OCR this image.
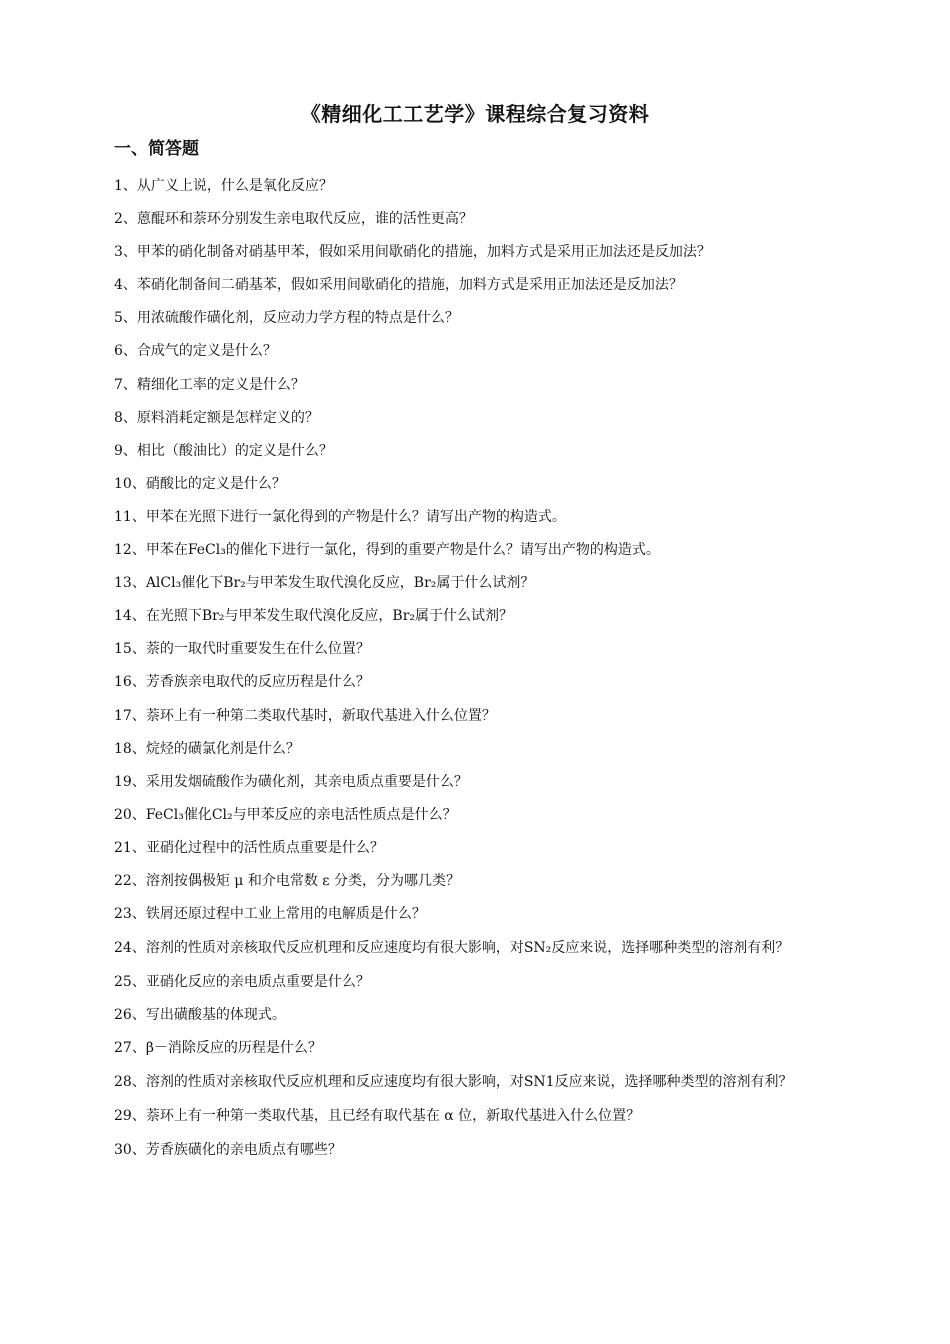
《精细化工工艺学》课程综合复习资料
一、简答题
1、从广义上说，什么是氧化反应？
2、蒽醌环和萘环分别发生亲电取代反应，谁的活性更高？
3、甲苯的硝化制备对硝基甲苯，假如采用间歇硝化的措施，加料方式是采用正加法还是反加法？
4、苯硝化制备间二硝基苯，假如采用间歇硝化的措施，加料方式是采用正加法还是反加法？
5、用浓硫酸作磺化剂，反应动力学方程的特点是什么？
6、合成气的定义是什么？
7、精细化工率的定义是什么？
8、原料消耗定额是怎样定义的？
9、相比（酸油比）的定义是什么？
10、硝酸比的定义是什么？
11、甲苯在光照下进行一氯化得到的产物是什么？请写出产物的构造式。
12、甲苯在FeCl₃的催化下进行一氯化，得到的重要产物是什么？请写出产物的构造式。
13、AlCl₃催化下Br₂与甲苯发生取代溴化反应，Br₂属于什么试剂？
14、在光照下Br₂与甲苯发生取代溴化反应，Br₂属于什么试剂？
15、萘的一取代时重要发生在什么位置？
16、芳香族亲电取代的反应历程是什么？
17、萘环上有一种第二类取代基时，新取代基进入什么位置？
18、烷烃的磺氯化剂是什么？
19、采用发烟硫酸作为磺化剂，其亲电质点重要是什么？
20、FeCl₃催化Cl₂与甲苯反应的亲电活性质点是什么？
21、亚硝化过程中的活性质点重要是什么？
22、溶剂按偶极矩 μ 和介电常数 ε 分类，分为哪几类？
23、铁屑还原过程中工业上常用的电解质是什么？
24、溶剂的性质对亲核取代反应机理和反应速度均有很大影响，对SN₂反应来说，选择哪种类型的溶剂有利？
25、亚硝化反应的亲电质点重要是什么？
26、写出磺酸基的体现式。
27、β－消除反应的历程是什么？
28、溶剂的性质对亲核取代反应机理和反应速度均有很大影响，对SN1反应来说，选择哪种类型的溶剂有利？
29、萘环上有一种第一类取代基，且已经有取代基在 α 位，新取代基进入什么位置？
30、芳香族磺化的亲电质点有哪些？
